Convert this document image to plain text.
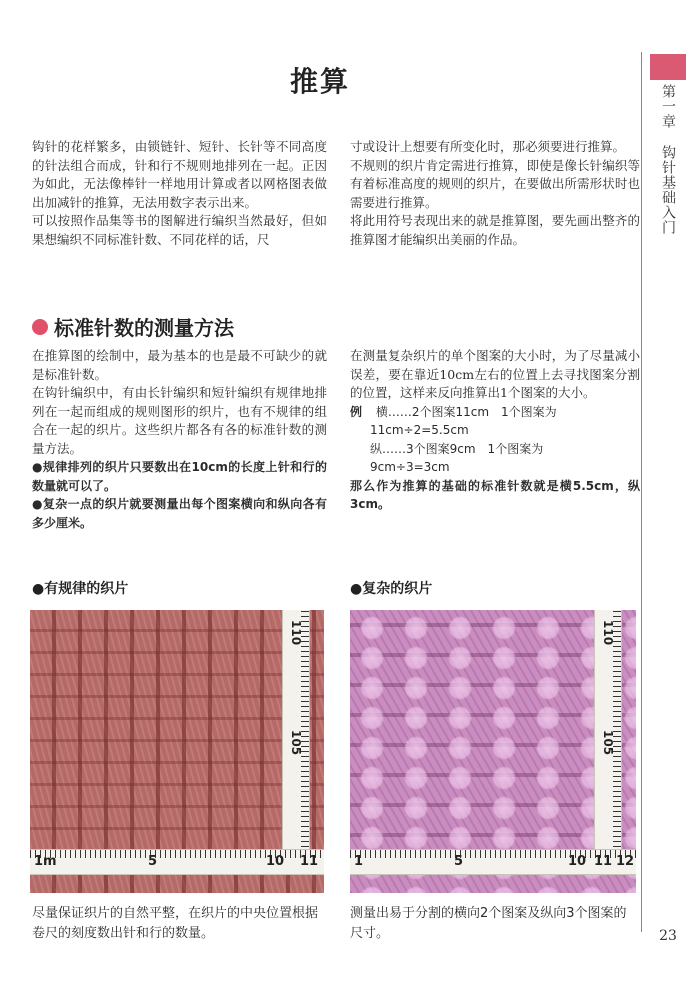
推算
第一章
钩针基础入门
23

钩针的花样繁多，由锁链针、短针、长针等不同高度的针法组合而成，针和行不规则地排列在一起。正因为如此，无法像棒针一样地用计算或者以网格图表做出加减针的推算，无法用数字表示出来。
可以按照作品集等书的图解进行编织当然最好，但如果想编织不同标准针数、不同花样的话，尺

寸或设计上想要有所变化时，那必须要进行推算。
不规则的织片肯定需进行推算，即使是像长针编织等有着标准高度的规则的织片，在要做出所需形状时也需要进行推算。
将此用符号表现出来的就是推算图，要先画出整齐的推算图才能编织出美丽的作品。

标准针数的测量方法

在推算图的绘制中，最为基本的也是最不可缺少的就是标准针数。

在钩针编织中，有由长针编织和短针编织有规律地排列在一起而组成的规则图形的织片，也有不规律的组合在一起的织片。这些织片都各有各的标准针数的测量方法。

●规律排列的织片只要数出在10cm的长度上针和行的数量就可以了。

●复杂一点的织片就要测量出每个图案横向和纵向各有多少厘米。

在测量复杂织片的单个图案的大小时，为了尽量减小误差，要在靠近10cm左右的位置上去寻找图案分割的位置，这样来反向推算出1个图案的大小。

例 横……2个图案11cm　1个图案为
11cm÷2=5.5cm
纵……3个图案9cm　1个图案为
9cm÷3=3cm

那么作为推算的基础的标准针数就是横5.5cm，纵3cm。

●有规律的织片	●复杂的织片
110
105
1m	5	10 11
110
105
1	5	10 11 12

尽量保证织片的自然平整，在织片的中央位置根据卷尺的刻度数出针和行的数量。

测量出易于分割的横向2个图案及纵向3个图案的尺寸。
